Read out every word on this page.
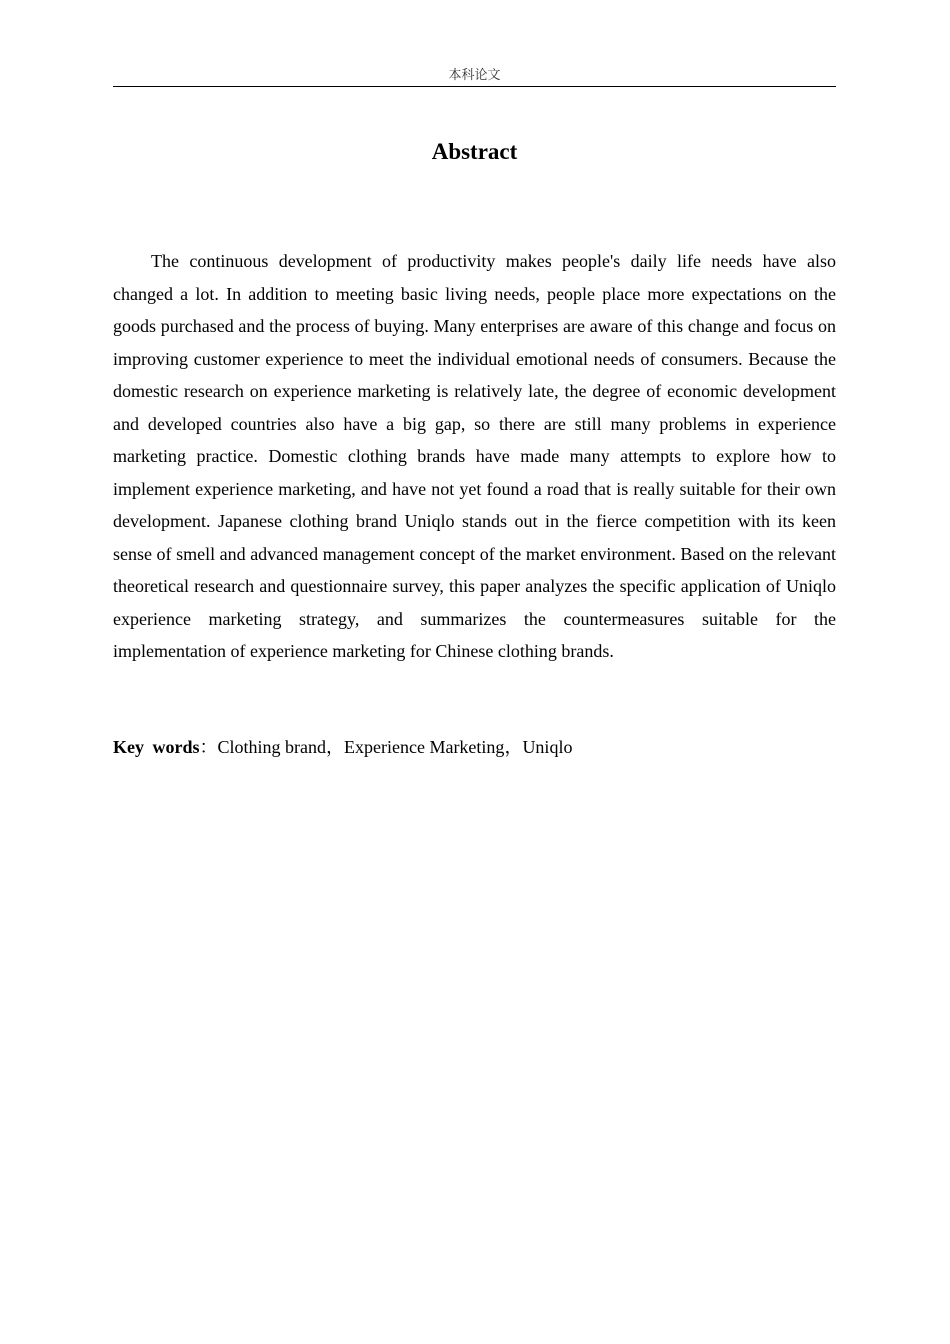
本科论文
Abstract

The continuous development of productivity makes people's daily life needs have also changed a lot. In addition to meeting basic living needs, people place more expectations on the goods purchased and the process of buying. Many enterprises are aware of this change and focus on improving customer experience to meet the individual emotional needs of consumers. Because the domestic research on experience marketing is relatively late, the degree of economic development and developed countries also have a big gap, so there are still many problems in experience marketing practice. Domestic clothing brands have made many attempts to explore how to implement experience marketing, and have not yet found a road that is really suitable for their own development. Japanese clothing brand Uniqlo stands out in the fierce competition with its keen sense of smell and advanced management concept of the market environment. Based on the relevant theoretical research and questionnaire survey, this paper analyzes the specific application of Uniqlo experience marketing strategy, and summarizes the countermeasures suitable for the implementation of experience marketing for Chinese clothing brands.

Key words：Clothing brand，Experience Marketing，Uniqlo
